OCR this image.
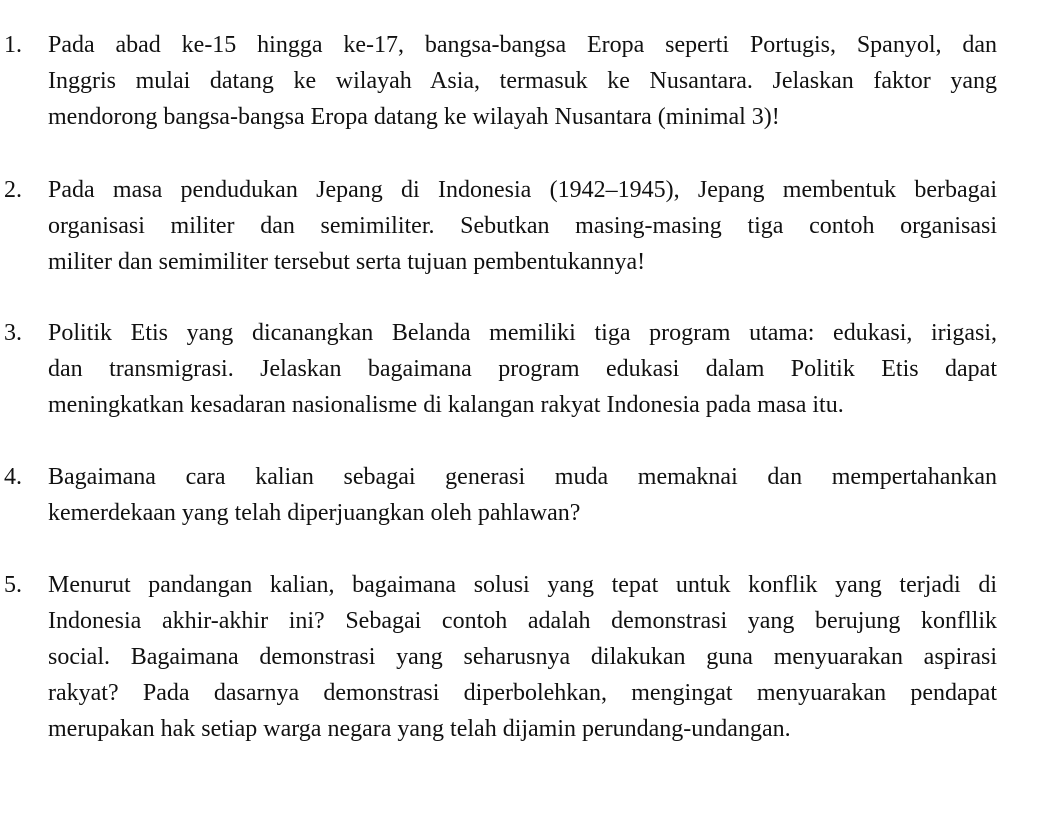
1. Pada abad ke-15 hingga ke-17, bangsa-bangsa Eropa seperti Portugis, Spanyol, dan
Inggris mulai datang ke wilayah Asia, termasuk ke Nusantara. Jelaskan faktor yang
mendorong bangsa-bangsa Eropa datang ke wilayah Nusantara (minimal 3)!
2. Pada masa pendudukan Jepang di Indonesia (1942–1945), Jepang membentuk berbagai
organisasi militer dan semimiliter. Sebutkan masing-masing tiga contoh organisasi
militer dan semimiliter tersebut serta tujuan pembentukannya!
3. Politik Etis yang dicanangkan Belanda memiliki tiga program utama: edukasi, irigasi,
dan transmigrasi. Jelaskan bagaimana program edukasi dalam Politik Etis dapat
meningkatkan kesadaran nasionalisme di kalangan rakyat Indonesia pada masa itu.
4. Bagaimana cara kalian sebagai generasi muda memaknai dan mempertahankan
kemerdekaan yang telah diperjuangkan oleh pahlawan?
5. Menurut pandangan kalian, bagaimana solusi yang tepat untuk konflik yang terjadi di
Indonesia akhir-akhir ini? Sebagai contoh adalah demonstrasi yang berujung konfllik
social. Bagaimana demonstrasi yang seharusnya dilakukan guna menyuarakan aspirasi
rakyat? Pada dasarnya demonstrasi diperbolehkan, mengingat menyuarakan pendapat
merupakan hak setiap warga negara yang telah dijamin perundang-undangan.
